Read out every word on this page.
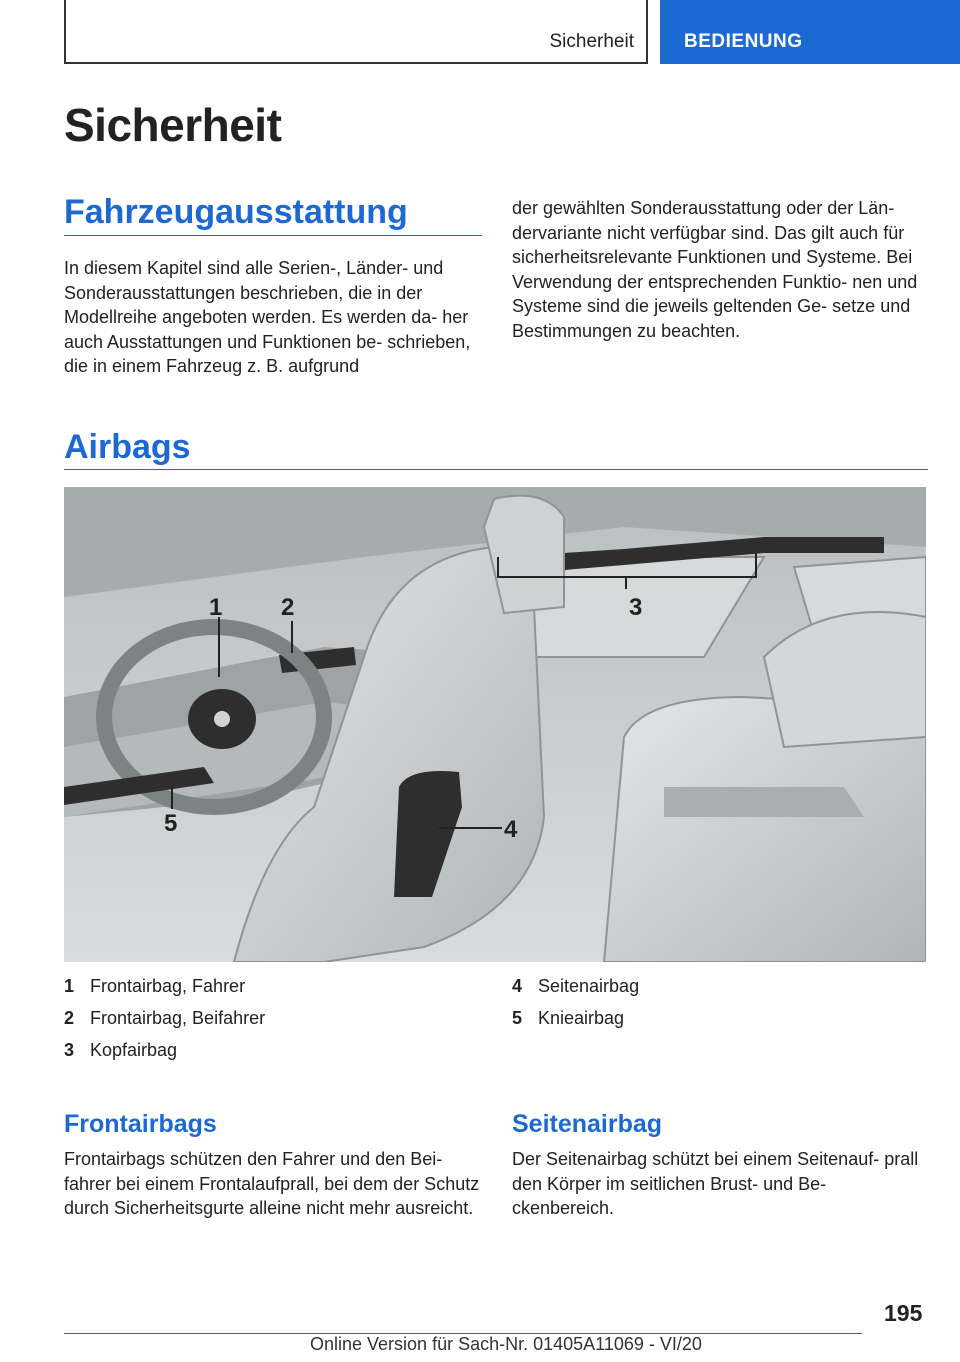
Sicherheit	BEDIENUNG
Sicherheit
Fahrzeugausstattung

In diesem Kapitel sind alle Serien-, Länder- und Sonderausstattungen beschrieben, die in der Modellreihe angeboten werden. Es werden da- her auch Ausstattungen und Funktionen be- schrieben, die in einem Fahrzeug z. B. aufgrund

der gewählten Sonderausstattung oder der Län- dervariante nicht verfügbar sind. Das gilt auch für sicherheitsrelevante Funktionen und Systeme. Bei Verwendung der entsprechenden Funktio- nen und Systeme sind die jeweils geltenden Ge- setze und Bestimmungen zu beachten.

Airbags
1 2	3
4
5
1 Frontairbag, Fahrer
2 Frontairbag, Beifahrer
3 Kopfairbag
4 Seitenairbag
5 Knieairbag
Frontairbags

Frontairbags schützen den Fahrer und den Bei- fahrer bei einem Frontalaufprall, bei dem der Schutz durch Sicherheitsgurte alleine nicht mehr ausreicht.

Seitenairbag

Der Seitenairbag schützt bei einem Seitenauf- prall den Körper im seitlichen Brust- und Be- ckenbereich.

195
Online Version für Sach-Nr. 01405A11069 - VI/20
